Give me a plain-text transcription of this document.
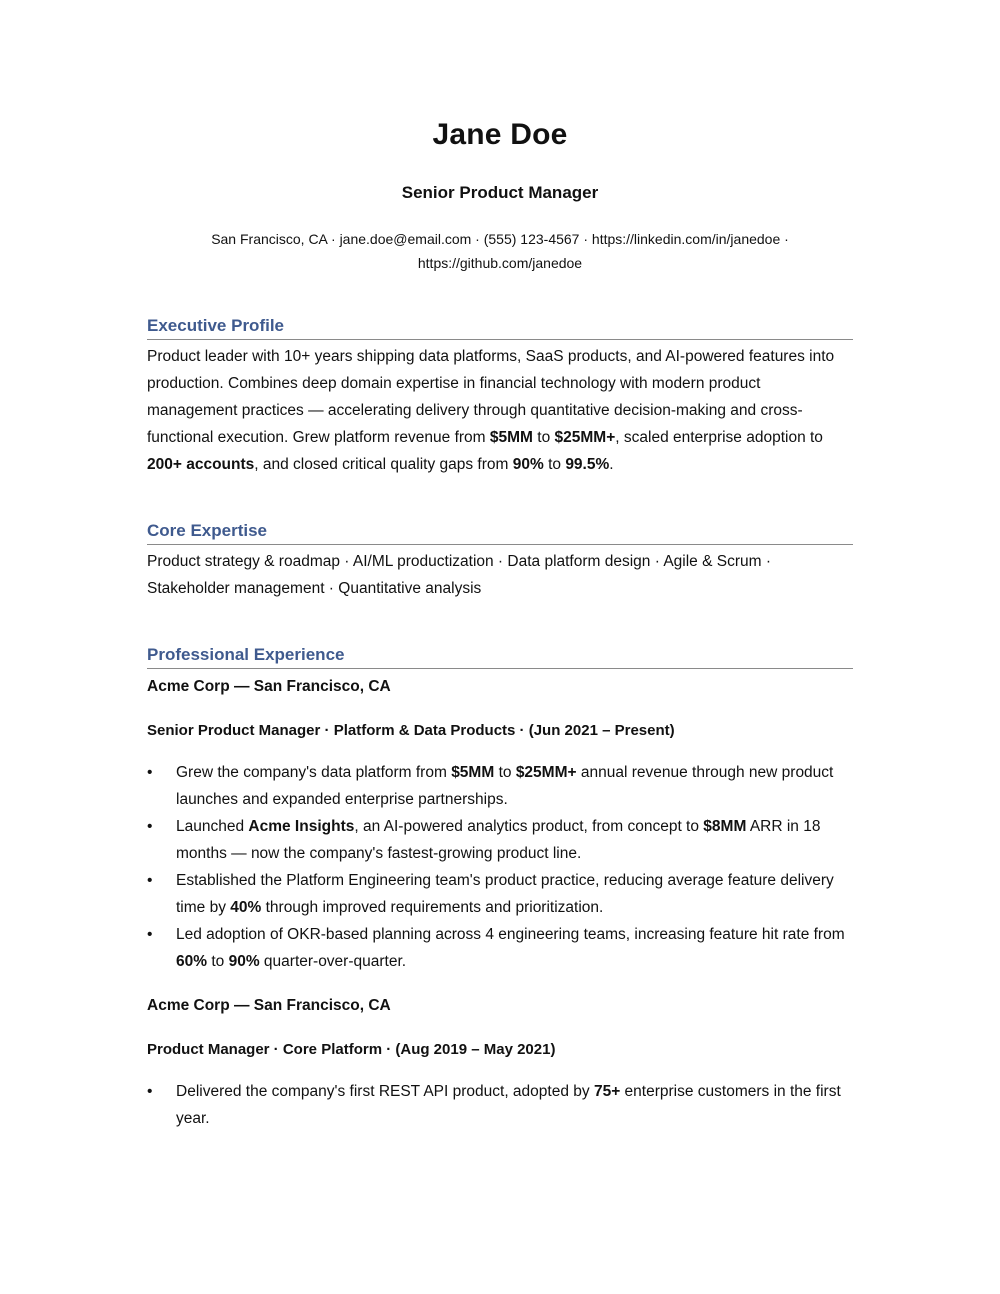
Jane Doe
Senior Product Manager
San Francisco, CA · jane.doe@email.com · (555) 123-4567 · https://linkedin.com/in/janedoe ·
https://github.com/janedoe
Executive Profile
Product leader with 10+ years shipping data platforms, SaaS products, and AI-powered features into production. Combines deep domain expertise in financial technology with modern product management practices — accelerating delivery through quantitative decision-making and cross-functional execution. Grew platform revenue from $5MM to $25MM+, scaled enterprise adoption to 200+ accounts, and closed critical quality gaps from 90% to 99.5%.
Core Expertise
Product strategy & roadmap · AI/ML productization · Data platform design · Agile & Scrum · Stakeholder management · Quantitative analysis
Professional Experience
Acme Corp — San Francisco, CA
Senior Product Manager · Platform & Data Products · (Jun 2021 – Present)
• Grew the company's data platform from $5MM to $25MM+ annual revenue through new product launches and expanded enterprise partnerships.
• Launched Acme Insights, an AI-powered analytics product, from concept to $8MM ARR in 18 months — now the company's fastest-growing product line.
• Established the Platform Engineering team's product practice, reducing average feature delivery time by 40% through improved requirements and prioritization.
• Led adoption of OKR-based planning across 4 engineering teams, increasing feature hit rate from 60% to 90% quarter-over-quarter.
Acme Corp — San Francisco, CA
Product Manager · Core Platform · (Aug 2019 – May 2021)
• Delivered the company's first REST API product, adopted by 75+ enterprise customers in the first year.
